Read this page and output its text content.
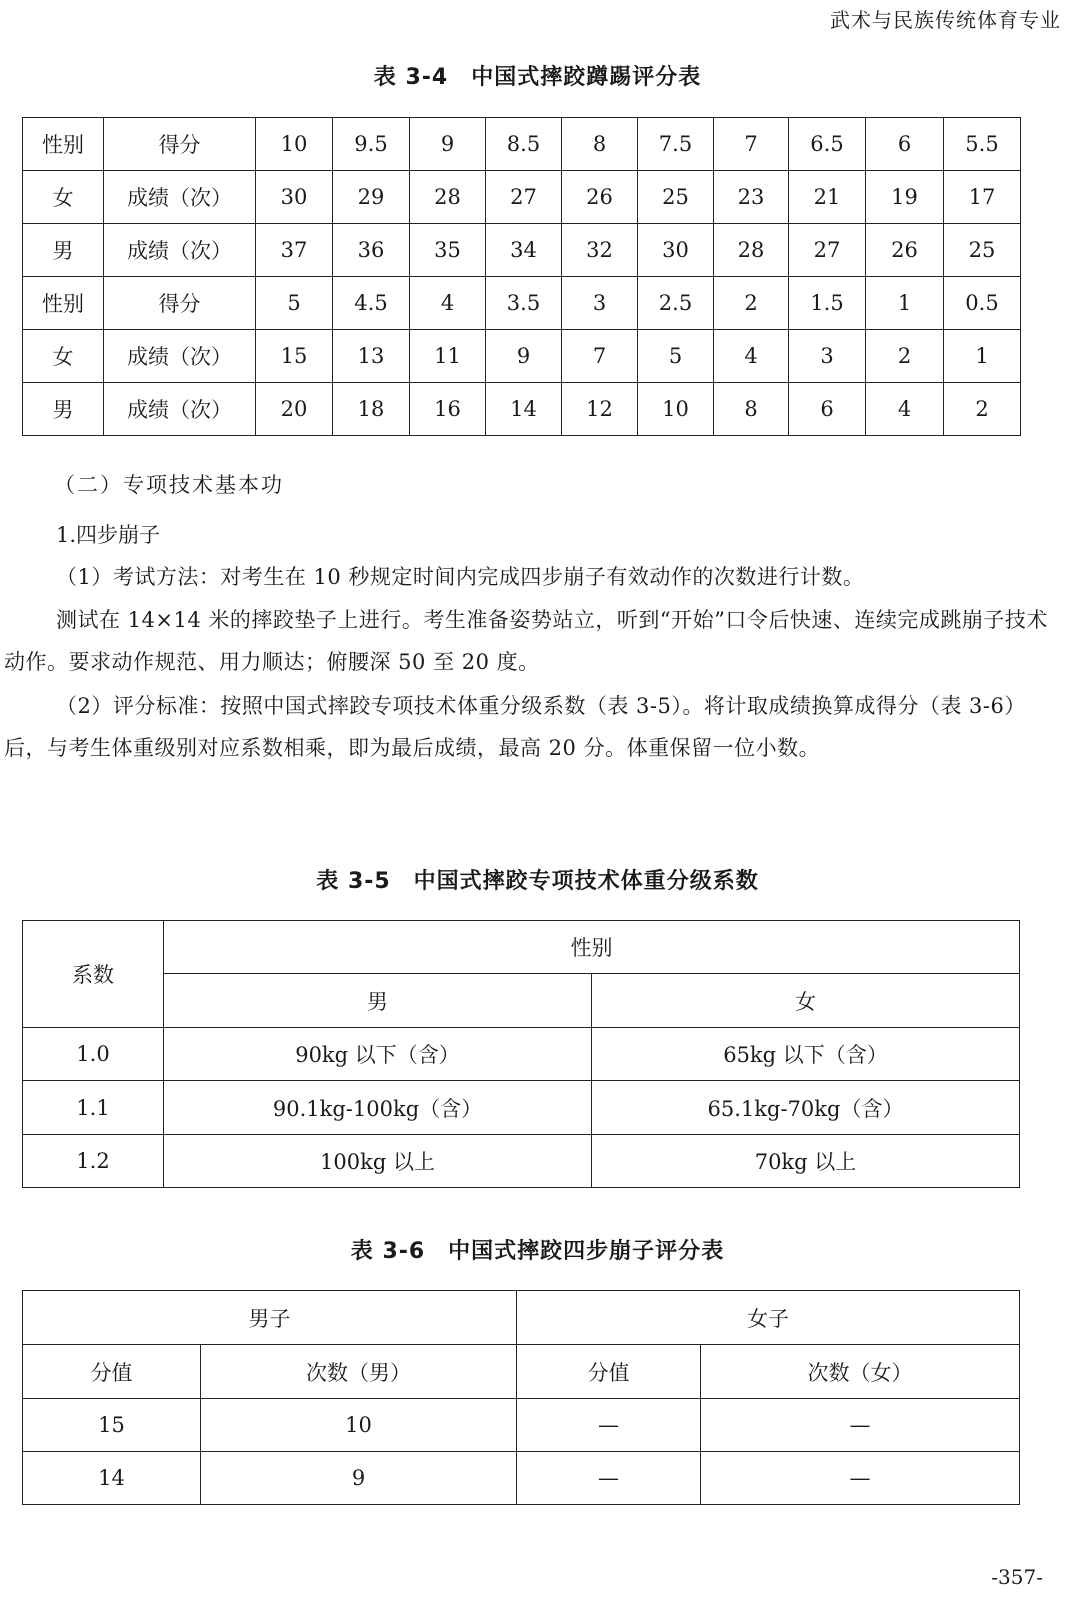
武术与民族传统体育专业
表 3-4　中国式摔跤蹲踢评分表
性别	得分	10	9.5	9	8.5	8	7.5	7	6.5	6	5.5
女	成绩（次）	30	29	28	27	26	25	23	21	19	17
男	成绩（次）	37	36	35	34	32	30	28	27	26	25
性别	得分	5	4.5	4	3.5	3	2.5	2	1.5	1	0.5
女	成绩（次）	15	13	11	9	7	5	4	3	2	1
男	成绩（次）	20	18	16	14	12	10	8	6	4	2
（二）专项技术基本功
1.四步崩子
（1）考试方法：对考生在 10 秒规定时间内完成四步崩子有效动作的次数进行计数。
测试在 14×14 米的摔跤垫子上进行。考生准备姿势站立，听到“开始”口令后快速、连续完成跳崩子技术动作。要求动作规范、用力顺达；俯腰深 50 至 20 度。
（2）评分标准：按照中国式摔跤专项技术体重分级系数（表 3-5）。将计取成绩换算成得分（表 3-6）后，与考生体重级别对应系数相乘，即为最后成绩，最高 20 分。体重保留一位小数。
表 3-5　中国式摔跤专项技术体重分级系数
系数	性别	
	男	女
1.0	90kg 以下（含）	65kg 以下（含）
1.1	90.1kg-100kg（含）	65.1kg-70kg（含）
1.2	100kg 以上	70kg 以上
表 3-6　中国式摔跤四步崩子评分表
男子		女子	
分值	次数（男）	分值	次数（女）
15	10	—	—
14	9	—	—
-357-
